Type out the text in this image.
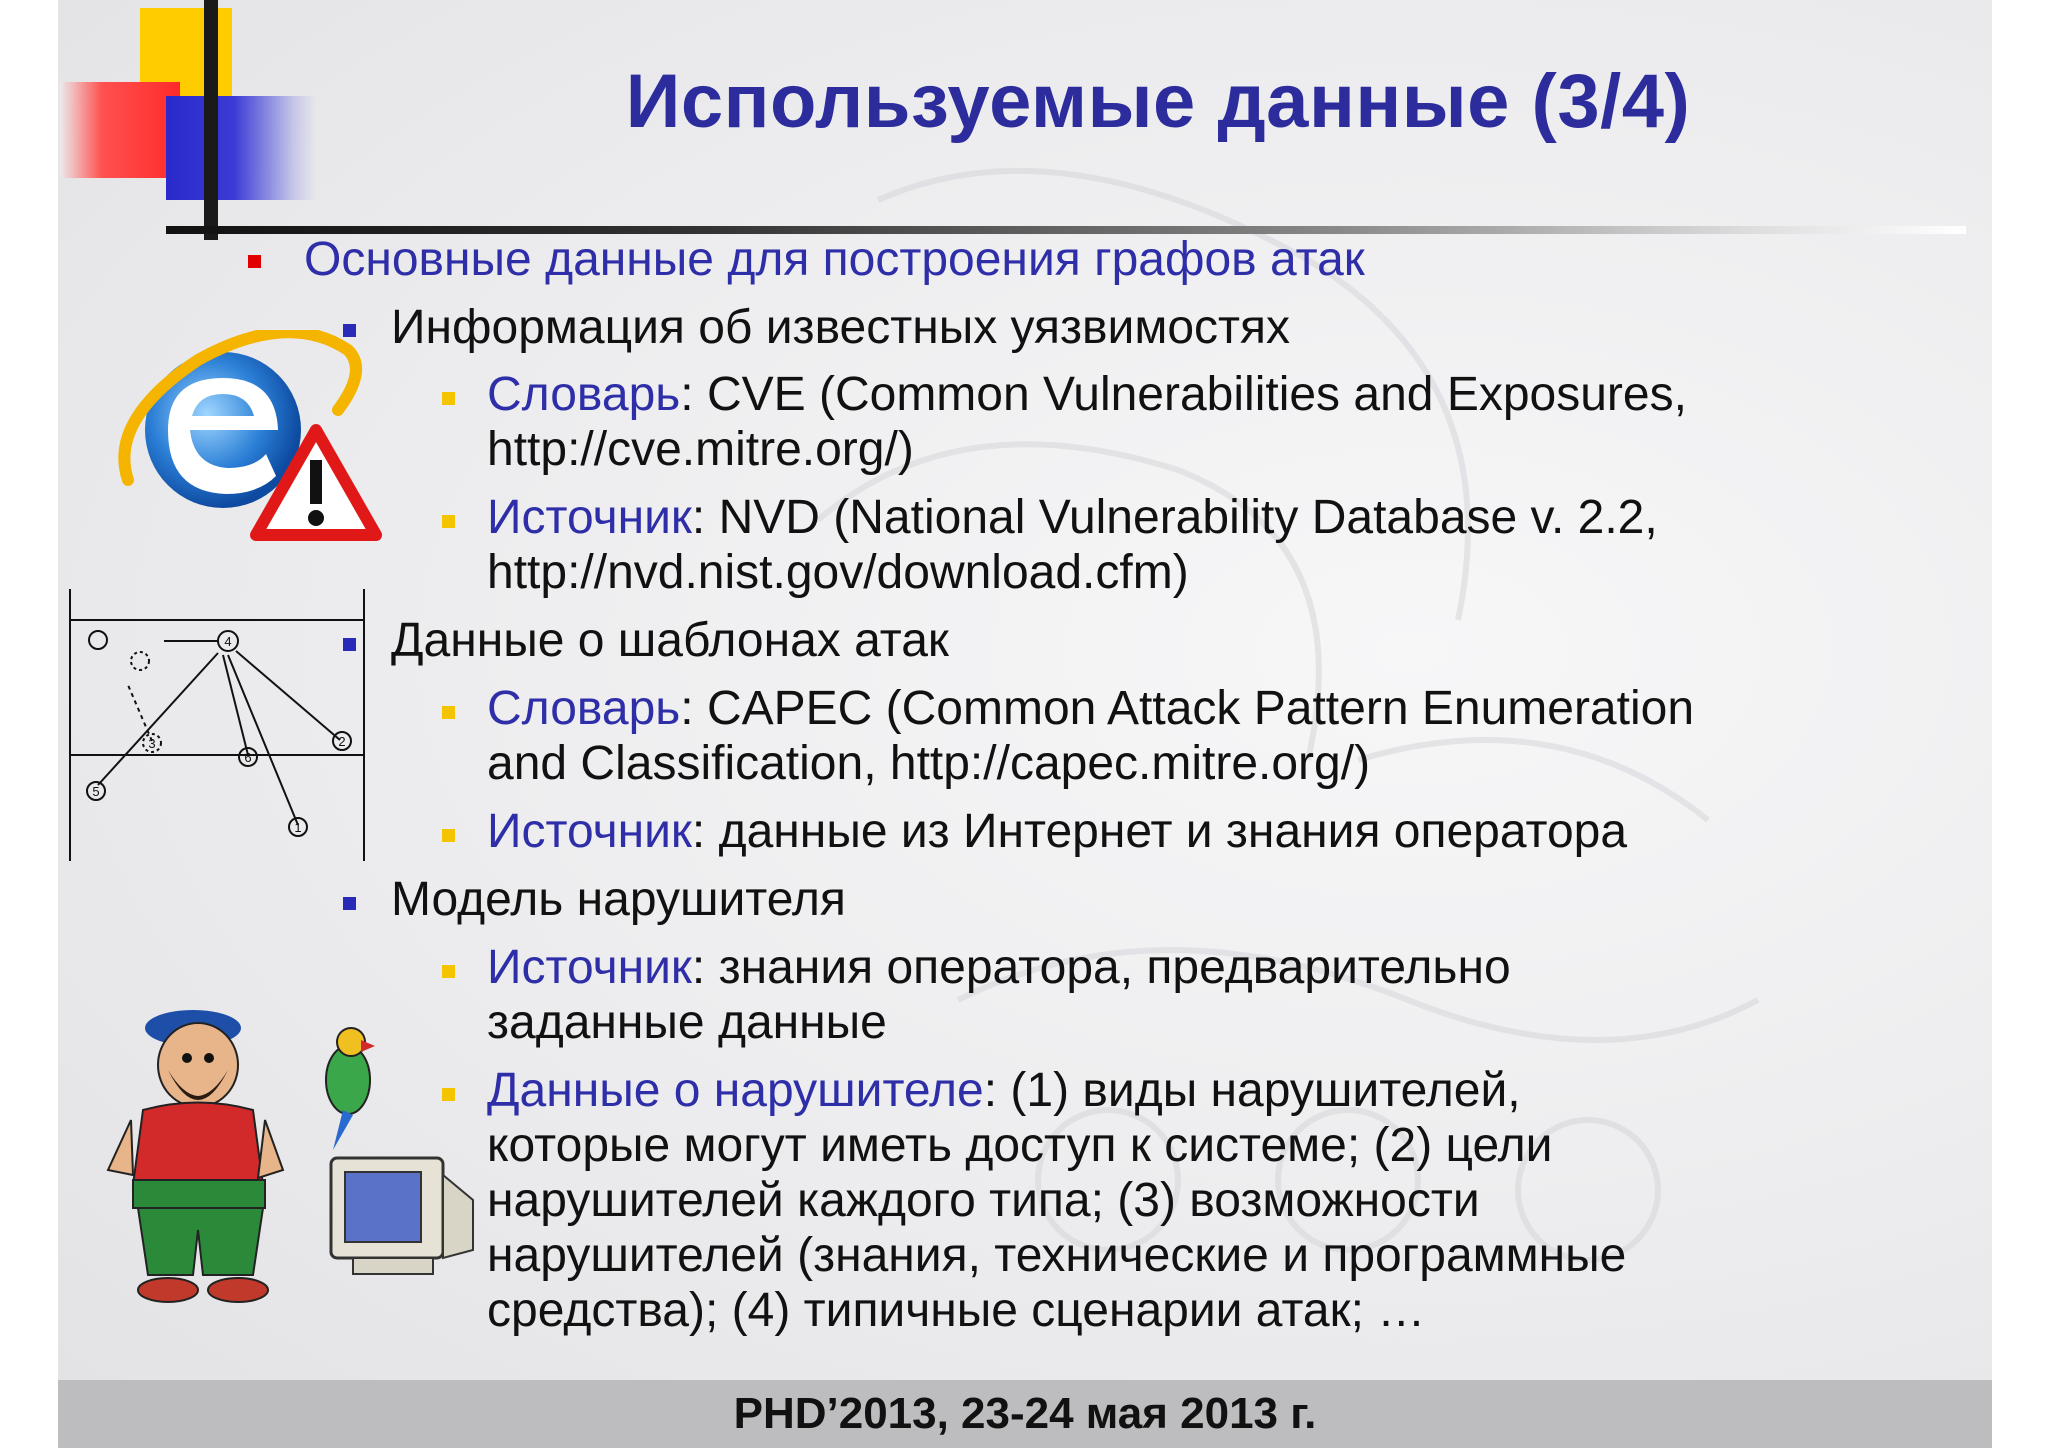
Используемые данные (3/4)
4
3
6
2
5
1
Основные данные для построения графов атак
Информация об известных уязвимостях
Словарь: CVE (Common Vulnerabilities and Exposures,
http://cve.mitre.org/)
Источник: NVD (National Vulnerability Database v. 2.2,
http://nvd.nist.gov/download.cfm)
Данные о шаблонах атак
Словарь: CAPEC (Common Attack Pattern Enumeration
and Classification, http://capec.mitre.org/)
Источник: данные из Интернет и знания оператора
Модель нарушителя
Источник: знания оператора, предварительно
заданные данные
Данные о нарушителе: (1) виды нарушителей,
которые могут иметь доступ к системе; (2) цели
нарушителей каждого типа; (3) возможности
нарушителей (знания, технические и программные
средства); (4) типичные сценарии атак; …
PHD’2013, 23-24 мая 2013 г.
